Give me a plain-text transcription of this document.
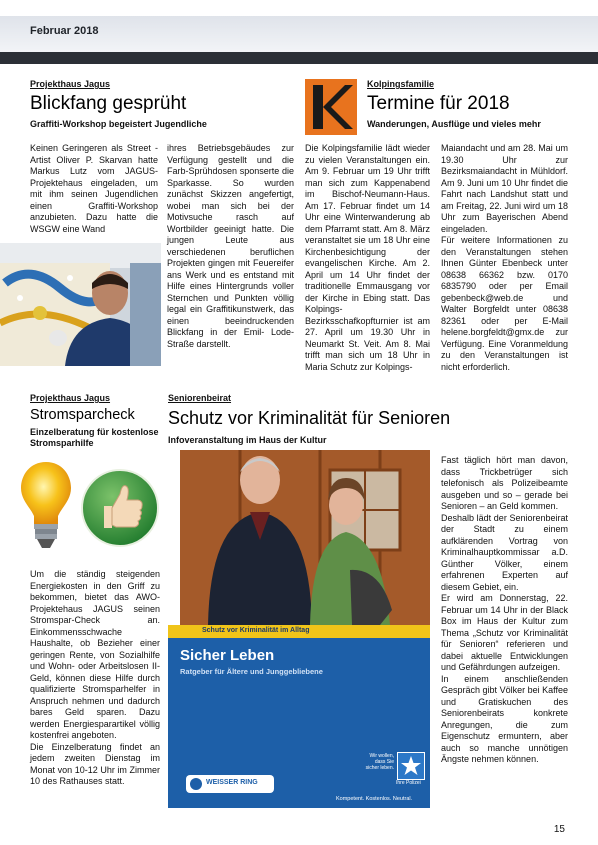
Februar 2018
Projekthaus Jagus
Blickfang gesprüht
Graffiti-Workshop begeistert Jugendliche
Keinen Geringeren als Street - Artist Oliver P. Skarvan hatte Markus Lutz vom JAGUS- Projektehaus eingeladen, um mit ihm seinen Jugendlichen einen Graffiti-Workshop anzubieten. Dazu hatte die WSGW eine Wand
ihres Betriebsgebäudes zur Verfügung gestellt und die Farb-Sprühdosen sponserte die Sparkasse. So wurden zunächst Skizzen angefertigt, wobei man sich bei der Motivsuche rasch auf Wortbilder geeinigt hatte. Die jungen Leute aus verschiedenen beruflichen Projekten gingen mit Feuereifer ans Werk und es entstand mit Hilfe eines Hintergrunds voller Sternchen und Punkten völlig legal ein Graffitikunstwerk, das einen beeindruckenden Blickfang in der Emil- Lode- Straße darstellt.
Kolpingsfamilie
Termine für 2018
Wanderungen, Ausflüge und vieles mehr
Die Kolpingsfamilie lädt wieder zu vielen Veranstaltungen ein. Am 9. Februar um 19 Uhr trifft man sich zum Kappenabend im Bischof-Neumann-Haus. Am 17. Februar findet um 14 Uhr eine Winterwanderung ab dem Pfarramt statt. Am 8. März veranstaltet sie um 18 Uhr eine Kirchenbesichtigung der evangelischen Kirche. Am 2. April um 14 Uhr findet der traditionelle Emmausgang vor der Kirche in Ebing statt. Das Kolpings-Bezirksschafkopfturnier ist am 27. April um 19.30 Uhr in Neumarkt St. Veit. Am 8. Mai trifft man sich um 18 Uhr in Maria Schutz zur Kolpings-

Maiandacht und am 28. Mai um 19.30 Uhr zur Bezirksmaiandacht in Mühldorf. Am 9. Juni um 10 Uhr findet die Fahrt nach Landshut statt und am Freitag, 22. Juni wird um 18 Uhr zum Bayerischen Abend eingeladen.

Für weitere Informationen zu den Veranstaltungen stehen Ihnen Günter Ebenbeck unter 08638 66362 bzw. 0170 6835790 oder per Email gebenbeck@web.de und Walter Borgfeldt unter 08638 82361 oder per E-Mail helene.borgfeldt@gmx.de zur Verfügung. Eine Voranmeldung zu den Veranstaltungen ist nicht erforderlich.

Projekthaus Jagus
Stromsparcheck
Einzelberatung für kostenlose Stromsparhilfe

Um die ständig steigenden Energiekosten in den Griff zu bekommen, bietet das AWO-Projektehaus JAGUS seinen Stromspar-Check an. Einkommensschwache Haushalte, ob Bezieher einer geringen Rente, von Sozialhilfe und Wohn- oder Arbeitslosen II- Geld, können diese Hilfe durch qualifizierte Stromsparhelfer in Anspruch nehmen und dadurch bares Geld sparen. Dazu werden Energiesparartikel völlig kostenfrei angeboten.

Die Einzelberatung findet an jedem zweiten Dienstag im Monat von 10-12 Uhr im Zimmer 10 des Rathauses statt.

Seniorenbeirat
Schutz vor Kriminalität für Senioren
Infoveranstaltung im Haus der Kultur
Schutz vor Kriminalität im Alltag
Sicher Leben
Ratgeber für Ältere und Junggebliebene
WEISSER RING
Wir wollen,
dass Sie
sicher leben.
Ihre Polizei
Kompetent. Kostenlos. Neutral.

Fast täglich hört man davon, dass Trickbetrüger sich telefonisch als Polizeibeamte ausgeben und so – gerade bei Senioren – an Geld kommen.

Deshalb lädt der Seniorenbeirat der Stadt zu einem aufklärenden Vortrag von Kriminalhauptkommissar a.D. Günther Völker, einem erfahrenen Experten auf diesem Gebiet, ein.

Er wird am Donnerstag, 22. Februar um 14 Uhr in der Black Box im Haus der Kultur zum Thema „Schutz vor Kriminalität für Senioren“ referieren und dabei aktuelle Entwicklungen und Gefährdungen aufzeigen.

In einem anschließenden Gespräch gibt Völker bei Kaffee und Gratiskuchen des Seniorenbeirats konkrete Anregungen, die zum Eigenschutz ermuntern, aber auch so manche unnötigen Ängste nehmen können.

15
